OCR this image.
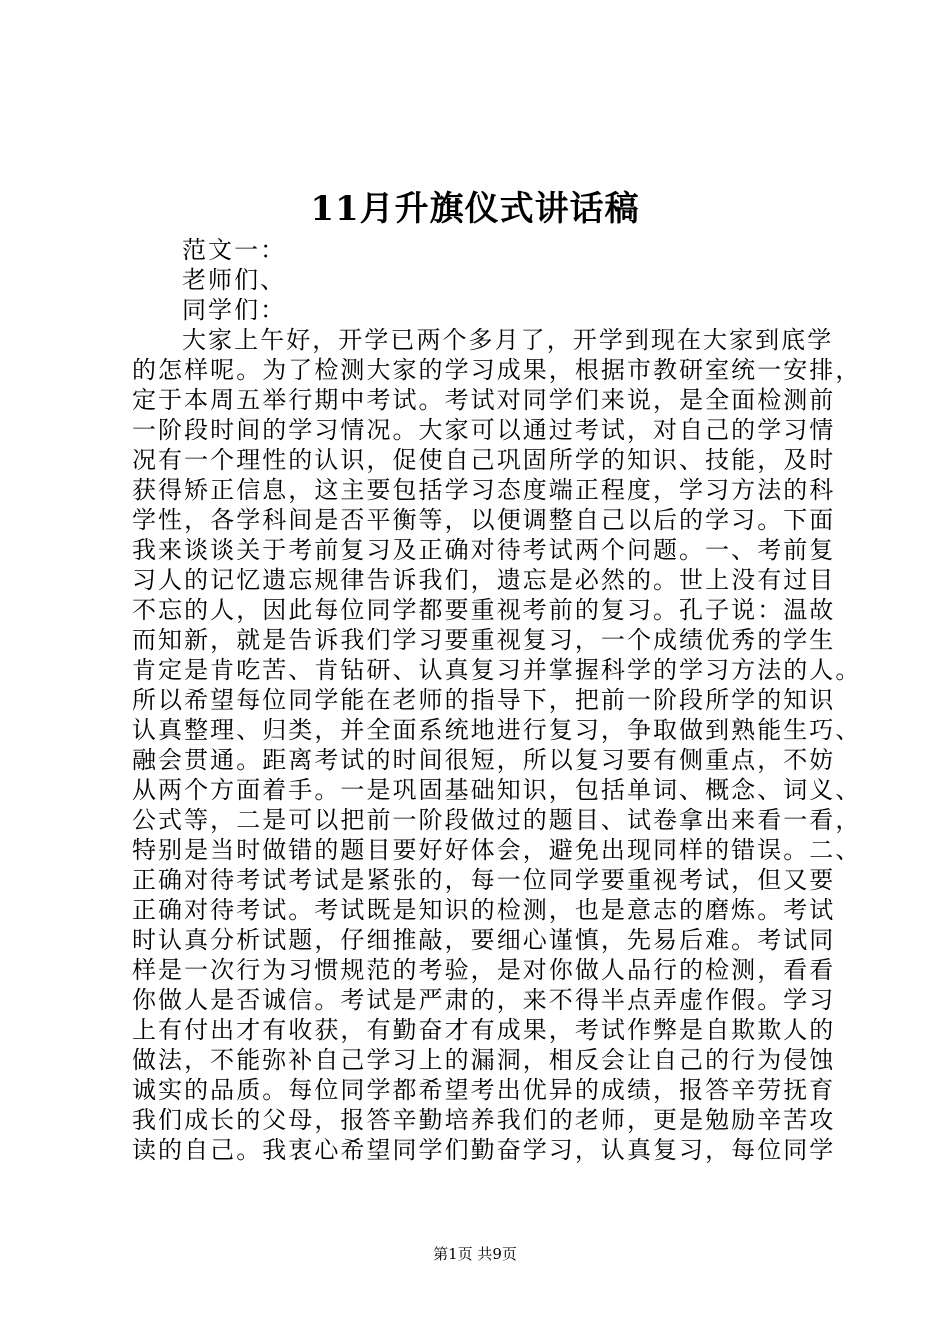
11月升旗仪式讲话稿
范文一：
老师们、
同学们：
大家上午好，开学已两个多月了，开学到现在大家到底学
的怎样呢。为了检测大家的学习成果，根据市教研室统一安排，
定于本周五举行期中考试。考试对同学们来说，是全面检测前
一阶段时间的学习情况。大家可以通过考试，对自己的学习情
况有一个理性的认识，促使自己巩固所学的知识、技能，及时
获得矫正信息，这主要包括学习态度端正程度，学习方法的科
学性，各学科间是否平衡等，以便调整自己以后的学习。下面
我来谈谈关于考前复习及正确对待考试两个问题。一、考前复
习人的记忆遗忘规律告诉我们，遗忘是必然的。世上没有过目
不忘的人，因此每位同学都要重视考前的复习。孔子说：温故
而知新，就是告诉我们学习要重视复习，一个成绩优秀的学生
肯定是肯吃苦、肯钻研、认真复习并掌握科学的学习方法的人。
所以希望每位同学能在老师的指导下，把前一阶段所学的知识
认真整理、归类，并全面系统地进行复习，争取做到熟能生巧、
融会贯通。距离考试的时间很短，所以复习要有侧重点，不妨
从两个方面着手。一是巩固基础知识，包括单词、概念、词义、
公式等，二是可以把前一阶段做过的题目、试卷拿出来看一看，
特别是当时做错的题目要好好体会，避免出现同样的错误。二、
正确对待考试考试是紧张的，每一位同学要重视考试，但又要
正确对待考试。考试既是知识的检测，也是意志的磨炼。考试
时认真分析试题，仔细推敲，要细心谨慎，先易后难。考试同
样是一次行为习惯规范的考验，是对你做人品行的检测，看看
你做人是否诚信。考试是严肃的，来不得半点弄虚作假。学习
上有付出才有收获，有勤奋才有成果，考试作弊是自欺欺人的
做法，不能弥补自己学习上的漏洞，相反会让自己的行为侵蚀
诚实的品质。每位同学都希望考出优异的成绩，报答辛劳抚育
我们成长的父母，报答辛勤培养我们的老师，更是勉励辛苦攻
读的自己。我衷心希望同学们勤奋学习，认真复习，每位同学
第1页 共9页
